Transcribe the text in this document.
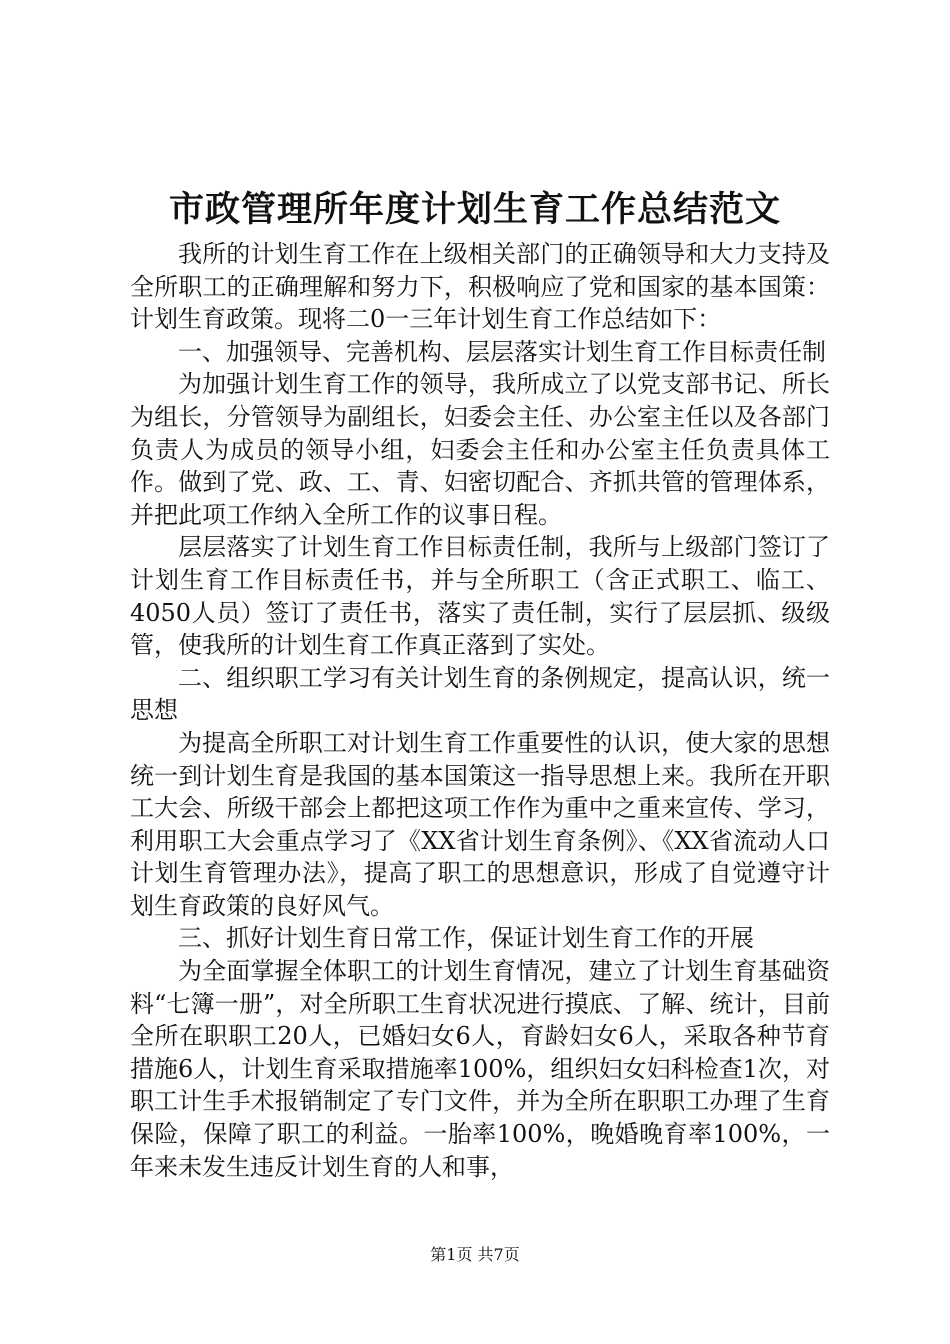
市政管理所年度计划生育工作总结范文

我所的计划生育工作在上级相关部门的正确领导和大力支持及全所职工的正确理解和努力下，积极响应了党和国家的基本国策：计划生育政策。现将二0一三年计划生育工作总结如下：

一、加强领导、完善机构、层层落实计划生育工作目标责任制

为加强计划生育工作的领导，我所成立了以党支部书记、所长为组长，分管领导为副组长，妇委会主任、办公室主任以及各部门负责人为成员的领导小组，妇委会主任和办公室主任负责具体工作。做到了党、政、工、青、妇密切配合、齐抓共管的管理体系，并把此项工作纳入全所工作的议事日程。

层层落实了计划生育工作目标责任制，我所与上级部门签订了计划生育工作目标责任书，并与全所职工（含正式职工、临工、4050人员）签订了责任书，落实了责任制，实行了层层抓、级级管，使我所的计划生育工作真正落到了实处。

二、组织职工学习有关计划生育的条例规定，提高认识，统一思想

为提高全所职工对计划生育工作重要性的认识，使大家的思想统一到计划生育是我国的基本国策这一指导思想上来。我所在开职工大会、所级干部会上都把这项工作作为重中之重来宣传、学习，利用职工大会重点学习了《XX省计划生育条例》、《XX省流动人口计划生育管理办法》，提高了职工的思想意识，形成了自觉遵守计划生育政策的良好风气。

三、抓好计划生育日常工作，保证计划生育工作的开展

为全面掌握全体职工的计划生育情况，建立了计划生育基础资料“七簿一册”，对全所职工生育状况进行摸底、了解、统计，目前全所在职职工20人，已婚妇女6人，育龄妇女6人，采取各种节育措施6人，计划生育采取措施率100%，组织妇女妇科检查1次，对职工计生手术报销制定了专门文件，并为全所在职职工办理了生育保险，保障了职工的利益。一胎率100%，晚婚晚育率100%，一年来未发生违反计划生育的人和事，

第1页 共7页
